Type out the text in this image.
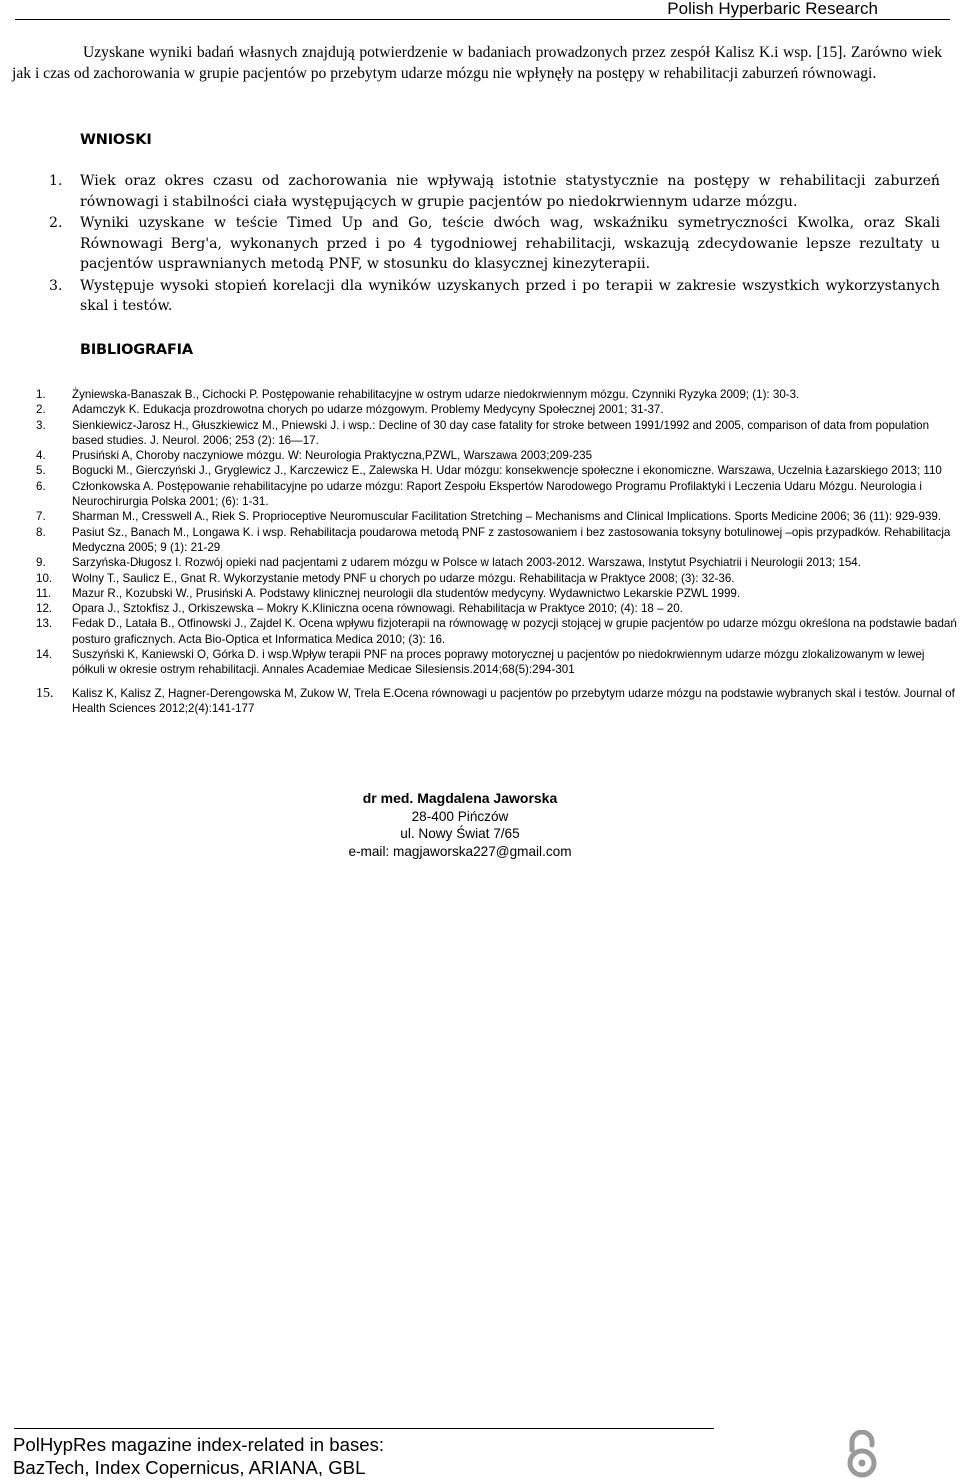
Polish Hyperbaric Research

Uzyskane wyniki badań własnych znajdują potwierdzenie w badaniach prowadzonych przez zespół Kalisz K.i wsp. [15]. Zarówno wiek jak i czas od zachorowania w grupie pacjentów po przebytym udarze mózgu nie wpłynęły na postępy w rehabilitacji zaburzeń równowagi.

WNIOSKI
1. Wiek oraz okres czasu od zachorowania nie wpływają istotnie statystycznie na postępy w rehabilitacji zaburzeń równowagi i stabilności ciała występujących w grupie pacjentów po niedokrwiennym udarze mózgu.
2. Wyniki uzyskane w teście Timed Up and Go, teście dwóch wag, wskaźniku symetryczności Kwolka, oraz Skali Równowagi Berg'a, wykonanych przed i po 4 tygodniowej rehabilitacji, wskazują zdecydowanie lepsze rezultaty u pacjentów usprawnianych metodą PNF, w stosunku do klasycznej kinezyterapii.
3. Występuje wysoki stopień korelacji dla wyników uzyskanych przed i po terapii w zakresie wszystkich wykorzystanych skal i testów.
BIBLIOGRAFIA
1. Żyniewska-Banaszak B., Cichocki P. Postępowanie rehabilitacyjne w ostrym udarze niedokrwiennym mózgu. Czynniki Ryzyka 2009; (1): 30-3.
2. Adamczyk K. Edukacja prozdrowotna chorych po udarze mózgowym. Problemy Medycyny Społecznej 2001; 31-37.
3. Sienkiewicz-Jarosz H., Głuszkiewicz M., Pniewski J. i wsp.: Decline of 30 day case fatality for stroke between 1991/1992 and 2005, comparison of data from population based studies. J. Neurol. 2006; 253 (2): 16—17.
4. Prusiński A, Choroby naczyniowe mózgu. W: Neurologia Praktyczna,PZWL, Warszawa 2003;209-235
5. Bogucki M., Gierczyński J., Gryglewicz J., Karczewicz E., Zalewska H. Udar mózgu: konsekwencje społeczne i ekonomiczne. Warszawa, Uczelnia Łazarskiego 2013; 110
6. Członkowska A. Postępowanie rehabilitacyjne po udarze mózgu: Raport Zespołu Ekspertów Narodowego Programu Profilaktyki i Leczenia Udaru Mózgu. Neurologia i Neurochirurgia Polska 2001; (6): 1-31.
7. Sharman M., Cresswell A., Riek S. Proprioceptive Neuromuscular Facilitation Stretching – Mechanisms and Clinical Implications. Sports Medicine 2006; 36 (11): 929-939.
8. Pasiut Sz., Banach M., Longawa K. i wsp. Rehabilitacja poudarowa metodą PNF z zastosowaniem i bez zastosowania toksyny botulinowej –opis przypadków. Rehabilitacja Medyczna 2005; 9 (1): 21-29
9. Sarzyńska-Długosz I. Rozwój opieki nad pacjentami z udarem mózgu w Polsce w latach 2003-2012. Warszawa, Instytut Psychiatrii i Neurologii 2013; 154.
10. Wolny T., Saulicz E., Gnat R. Wykorzystanie metody PNF u chorych po udarze mózgu. Rehabilitacja w Praktyce 2008; (3): 32-36.
11. Mazur R., Kozubski W., Prusiński A. Podstawy klinicznej neurologii dla studentów medycyny. Wydawnictwo Lekarskie PZWL 1999.
12. Opara J., Sztokfisz J., Orkiszewska – Mokry K.Kliniczna ocena równowagi. Rehabilitacja w Praktyce 2010; (4): 18 – 20.
13. Fedak D., Latała B., Otfinowski J., Zajdel K. Ocena wpływu fizjoterapii na równowagę w pozycji stojącej w grupie pacjentów po udarze mózgu określona na podstawie badań posturo graficznych. Acta Bio-Optica et Informatica Medica 2010; (3): 16.
14. Suszyński K, Kaniewski O, Górka D. i wsp.Wpływ terapii PNF na proces poprawy motorycznej u pacjentów po niedokrwiennym udarze mózgu zlokalizowanym w lewej półkuli w okresie ostrym rehabilitacji. Annales Academiae Medicae Silesiensis.2014;68(5):294-301
15. Kalisz K, Kalisz Z, Hagner-Derengowska M, Zukow W, Trela E.Ocena równowagi u pacjentów po przebytym udarze mózgu na podstawie wybranych skal i testów. Journal of Health Sciences 2012;2(4):141-177
dr med. Magdalena Jaworska
28-400 Pińczów
ul. Nowy Świat 7/65
e-mail: magjaworska227@gmail.com
PolHypRes magazine index-related in bases:
BazTech, Index Copernicus, ARIANA, GBL
